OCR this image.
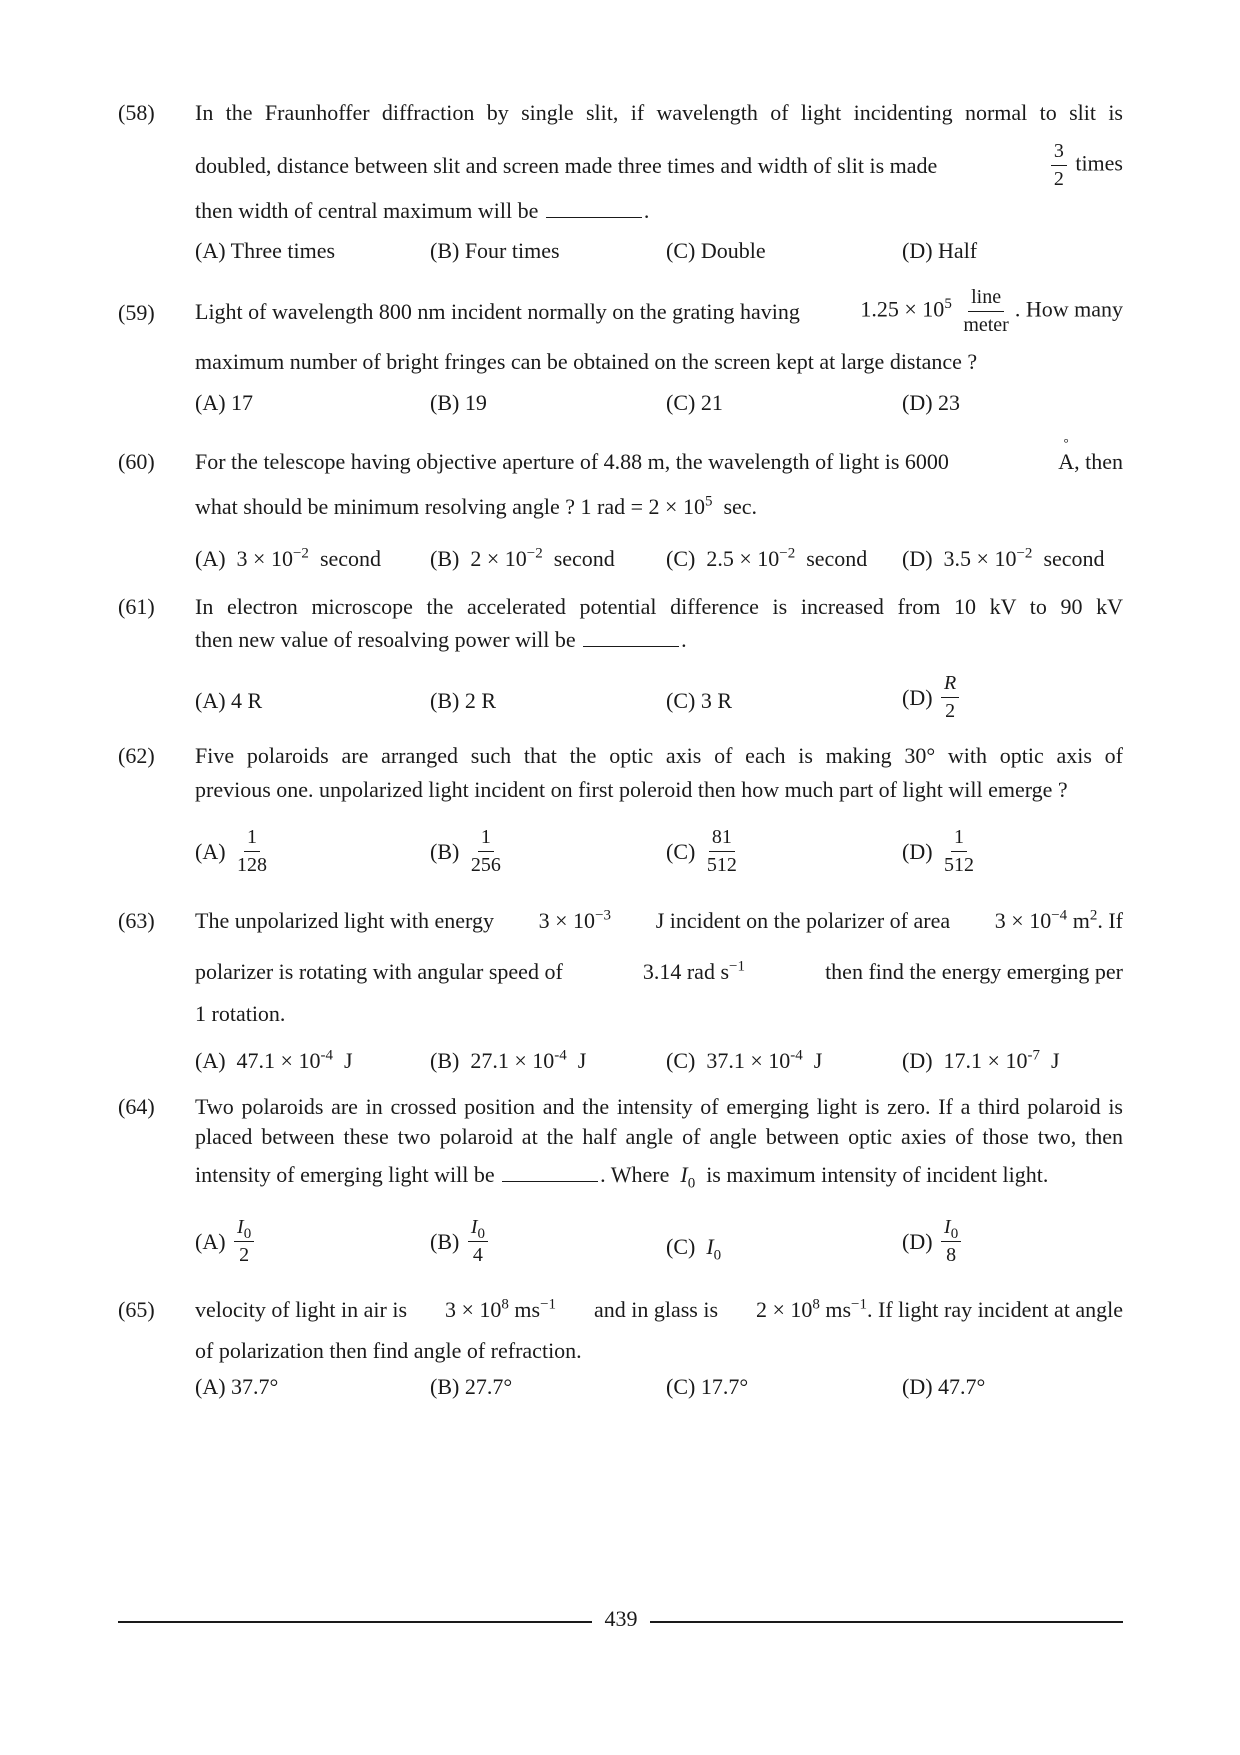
(58) In the Fraunhoffer diffraction by single slit, if wavelength of light incidenting normal to slit is
doubled, distance between slit and screen made three times and width of slit is made	$\frac{3}{2}$ times
then width of central maximum will be	.
(A) Three times	(B) Four times	(C) Double	(D) Half
(59) Light of wavelength 800 nm incident normally on the grating having	$1.25 \times 10^5 \frac{\text{line}}{\text{meter}}$ . How many
maximum number of bright fringes can be obtained on the screen kept at large distance ?
(A) 17	(B) 19	(C) 21	(D) 23
(60) For the telescope having objective aperture of 4.88 m, the wavelength of light is 6000
°
A, then
what should be minimum resolving angle ? 1 rad = $2 \times 10^5$ sec.
(A) $3 \times 10^{-2}$ second (B) $2 \times 10^{-2}$ second (C) $2.5 \times 10^{-2}$ second (D) $3.5 \times 10^{-2}$ second
(61) In electron microscope the accelerated potential difference is increased from 10 kV to 90 kV
then new value of resoalving power will be	.
(A) 4 R	(B) 2 R	(C) 3 R	(D)
$\frac{R}{2}$
(62) Five polaroids are arranged such that the optic axis of each is making 30° with optic axis of
previous one. unpolarized light incident on first poleroid then how much part of light will emerge ?
(A)
$\frac{1}{128}$	(B)
$\frac{1}{256}$	(C)
$\frac{81}{512}$	(D)
$\frac{1}{512}$
(63) The unpolarized light with energy $3 \times 10^{-3}$ J incident on the polarizer of area $3 \times 10^{-4}$ $m^2$. If
polarizer is rotating with angular speed of	3.14 rad $s^{-1}$	then find the energy emerging per
1 rotation.
(A) $47.1 \times 10^{-4}$ J	(B) $27.1 \times 10^{-4}$ J	(C) $37.1 \times 10^{-4}$ J	(D) $17.1 \times 10^{-7}$ J
(64) Two polaroids are in crossed position and the intensity of emerging light is zero. If a third polaroid is
placed between these two polaroid at the half angle of angle between optic axies of those two, then
intensity of emerging light will be	. Where $I_0$ is maximum intensity of incident light.
(A)
$\frac{I_0}{2}$	(B)
$\frac{I_0}{4}$	(C) $I_0$
(D)
$\frac{I_0}{8}$
(65) velocity of light in air is $3 \times 10^8$ $ms^{-1}$ and in glass is $2 \times 10^8$ $ms^{-1}$. If light ray incident at angle
of polarization then find angle of refraction.
(A) 37.7°	(B) 27.7°	(C) 17.7°	(D) 47.7°
439
